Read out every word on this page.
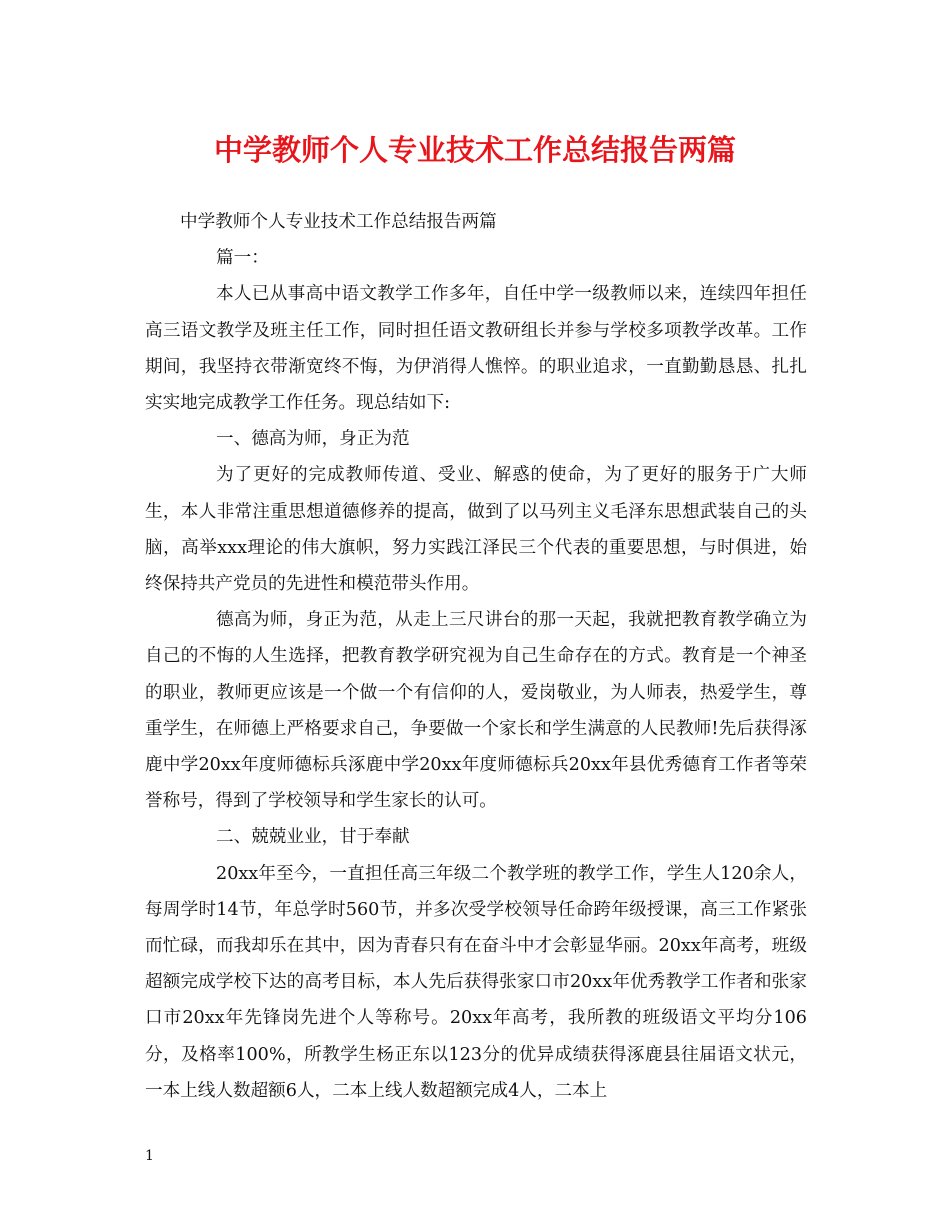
中学教师个人专业技术工作总结报告两篇

中学教师个人专业技术工作总结报告两篇

篇一：

本人已从事高中语文教学工作多年，自任中学一级教师以来，连续四年担任高三语文教学及班主任工作，同时担任语文教研组长并参与学校多项教学改革。工作期间，我坚持衣带渐宽终不悔，为伊消得人憔悴。的职业追求，一直勤勤恳恳、扎扎实实地完成教学工作任务。现总结如下:

一、德高为师，身正为范

为了更好的完成教师传道、受业、解惑的使命，为了更好的服务于广大师生，本人非常注重思想道德修养的提高，做到了以马列主义毛泽东思想武装自己的头脑，高举xxx理论的伟大旗帜，努力实践江泽民三个代表的重要思想，与时俱进，始终保持共产党员的先进性和模范带头作用。

德高为师，身正为范，从走上三尺讲台的那一天起，我就把教育教学确立为自己的不悔的人生选择，把教育教学研究视为自己生命存在的方式。教育是一个神圣的职业，教师更应该是一个做一个有信仰的人，爱岗敬业，为人师表，热爱学生，尊重学生，在师德上严格要求自己，争要做一个家长和学生满意的人民教师!先后获得涿鹿中学20xx年度师德标兵涿鹿中学20xx年度师德标兵20xx年县优秀德育工作者等荣誉称号，得到了学校领导和学生家长的认可。

二、兢兢业业，甘于奉献

20xx年至今，一直担任高三年级二个教学班的教学工作，学生人120余人，每周学时14节，年总学时560节，并多次受学校领导任命跨年级授课，高三工作紧张而忙碌，而我却乐在其中，因为青春只有在奋斗中才会彰显华丽。20xx年高考，班级超额完成学校下达的高考目标，本人先后获得张家口市20xx年优秀教学工作者和张家口市20xx年先锋岗先进个人等称号。20xx年高考，我所教的班级语文平均分106分，及格率100%，所教学生杨正东以123分的优异成绩获得涿鹿县往届语文状元，一本上线人数超额6人，二本上线人数超额完成4人，二本上

1
